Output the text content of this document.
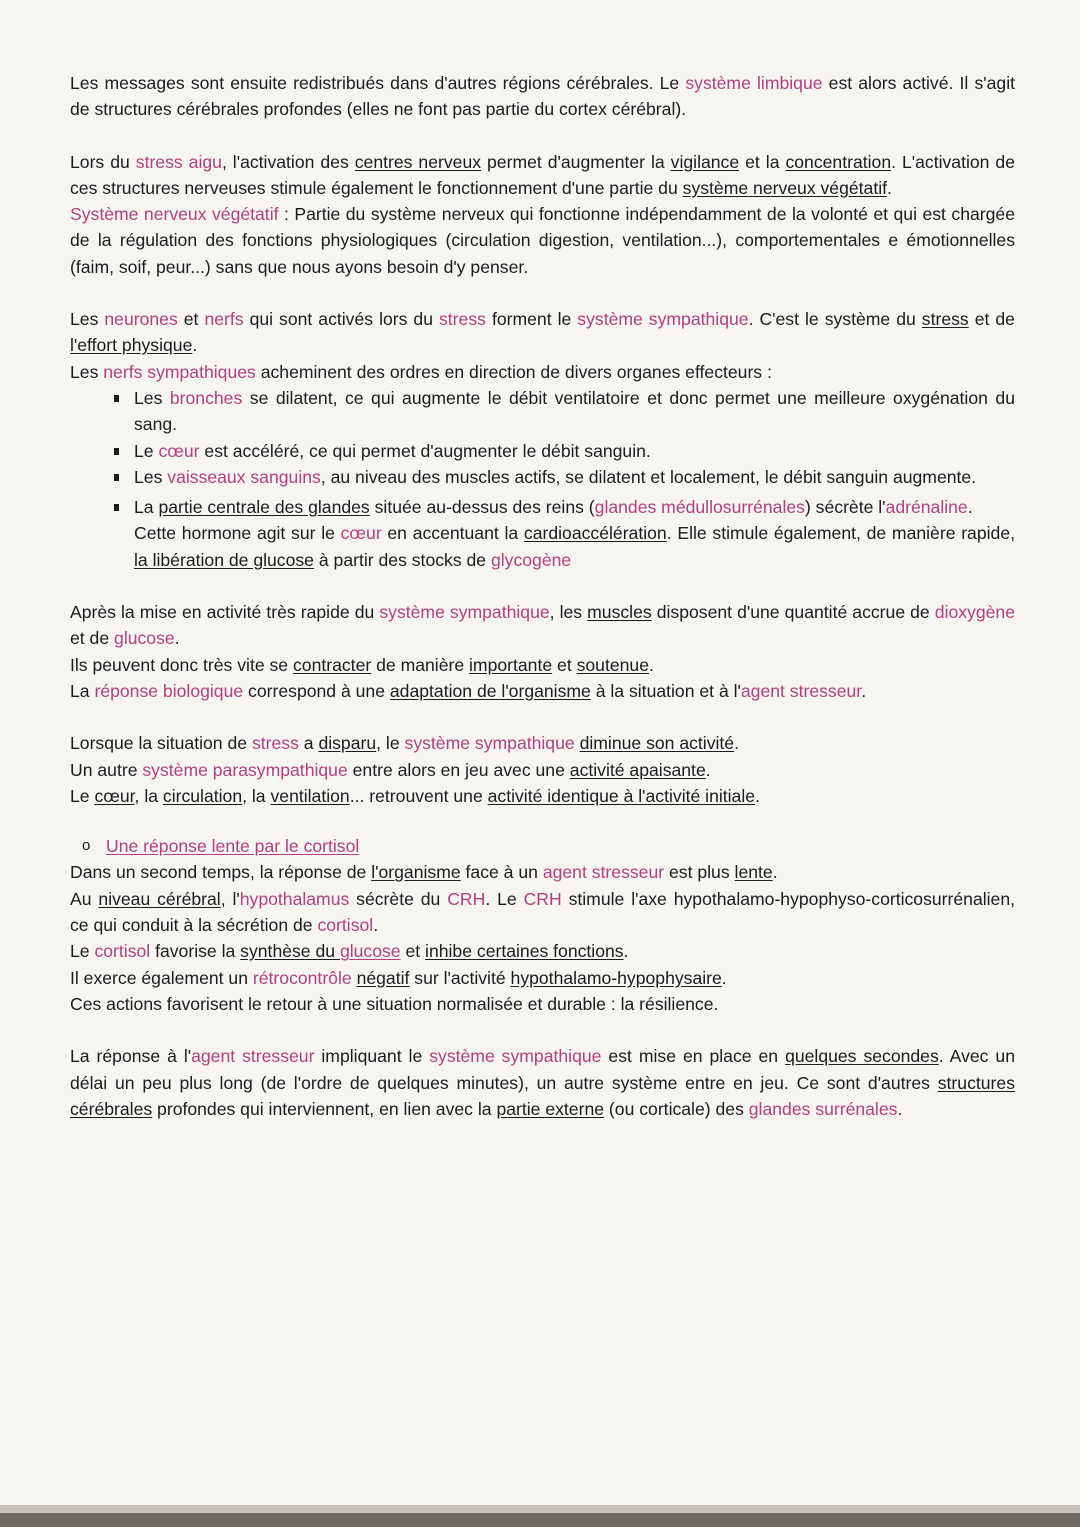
Les messages sont ensuite redistribués dans d'autres régions cérébrales. Le système limbique est alors activé. Il s'agit de structures cérébrales profondes (elles ne font pas partie du cortex cérébral).

Lors du stress aigu, l'activation des centres nerveux permet d'augmenter la vigilance et la concentration. L'activation de ces structures nerveuses stimule également le fonctionnement d'une partie du système nerveux végétatif.

Système nerveux végétatif : Partie du système nerveux qui fonctionne indépendamment de la volonté et qui est chargée de la régulation des fonctions physiologiques (circulation digestion, ventilation...), comportementales e émotionnelles (faim, soif, peur...) sans que nous ayons besoin d'y penser.

Les neurones et nerfs qui sont activés lors du stress forment le système sympathique. C'est le système du stress et de l'effort physique.

Les nerfs sympathiques acheminent des ordres en direction de divers organes effecteurs :

Les bronches se dilatent, ce qui augmente le débit ventilatoire et donc permet une meilleure oxygénation du sang.
Le cœur est accéléré, ce qui permet d'augmenter le débit sanguin.
Les vaisseaux sanguins, au niveau des muscles actifs, se dilatent et localement, le débit sanguin augmente.
La partie centrale des glandes située au-dessus des reins (glandes médullosurrénales) sécrète l'adrénaline.

Cette hormone agit sur le cœur en accentuant la cardioaccélération. Elle stimule également, de manière rapide, la libération de glucose à partir des stocks de glycogène

Après la mise en activité très rapide du système sympathique, les muscles disposent d'une quantité accrue de dioxygène et de glucose.

Ils peuvent donc très vite se contracter de manière importante et soutenue.

La réponse biologique correspond à une adaptation de l'organisme à la situation et à l'agent stresseur.

Lorsque la situation de stress a disparu, le système sympathique diminue son activité.

Un autre système parasympathique entre alors en jeu avec une activité apaisante.

Le cœur, la circulation, la ventilation... retrouvent une activité identique à l'activité initiale.

o Une réponse lente par le cortisol

Dans un second temps, la réponse de l'organisme face à un agent stresseur est plus lente.

Au niveau cérébral, l'hypothalamus sécrète du CRH. Le CRH stimule l'axe hypothalamo-hypophyso-corticosurrénalien, ce qui conduit à la sécrétion de cortisol.

Le cortisol favorise la synthèse du glucose et inhibe certaines fonctions.

Il exerce également un rétrocontrôle négatif sur l'activité hypothalamo-hypophysaire.

Ces actions favorisent le retour à une situation normalisée et durable : la résilience.

La réponse à l'agent stresseur impliquant le système sympathique est mise en place en quelques secondes. Avec un délai un peu plus long (de l'ordre de quelques minutes), un autre système entre en jeu. Ce sont d'autres structures cérébrales profondes qui interviennent, en lien avec la partie externe (ou corticale) des glandes surrénales.
